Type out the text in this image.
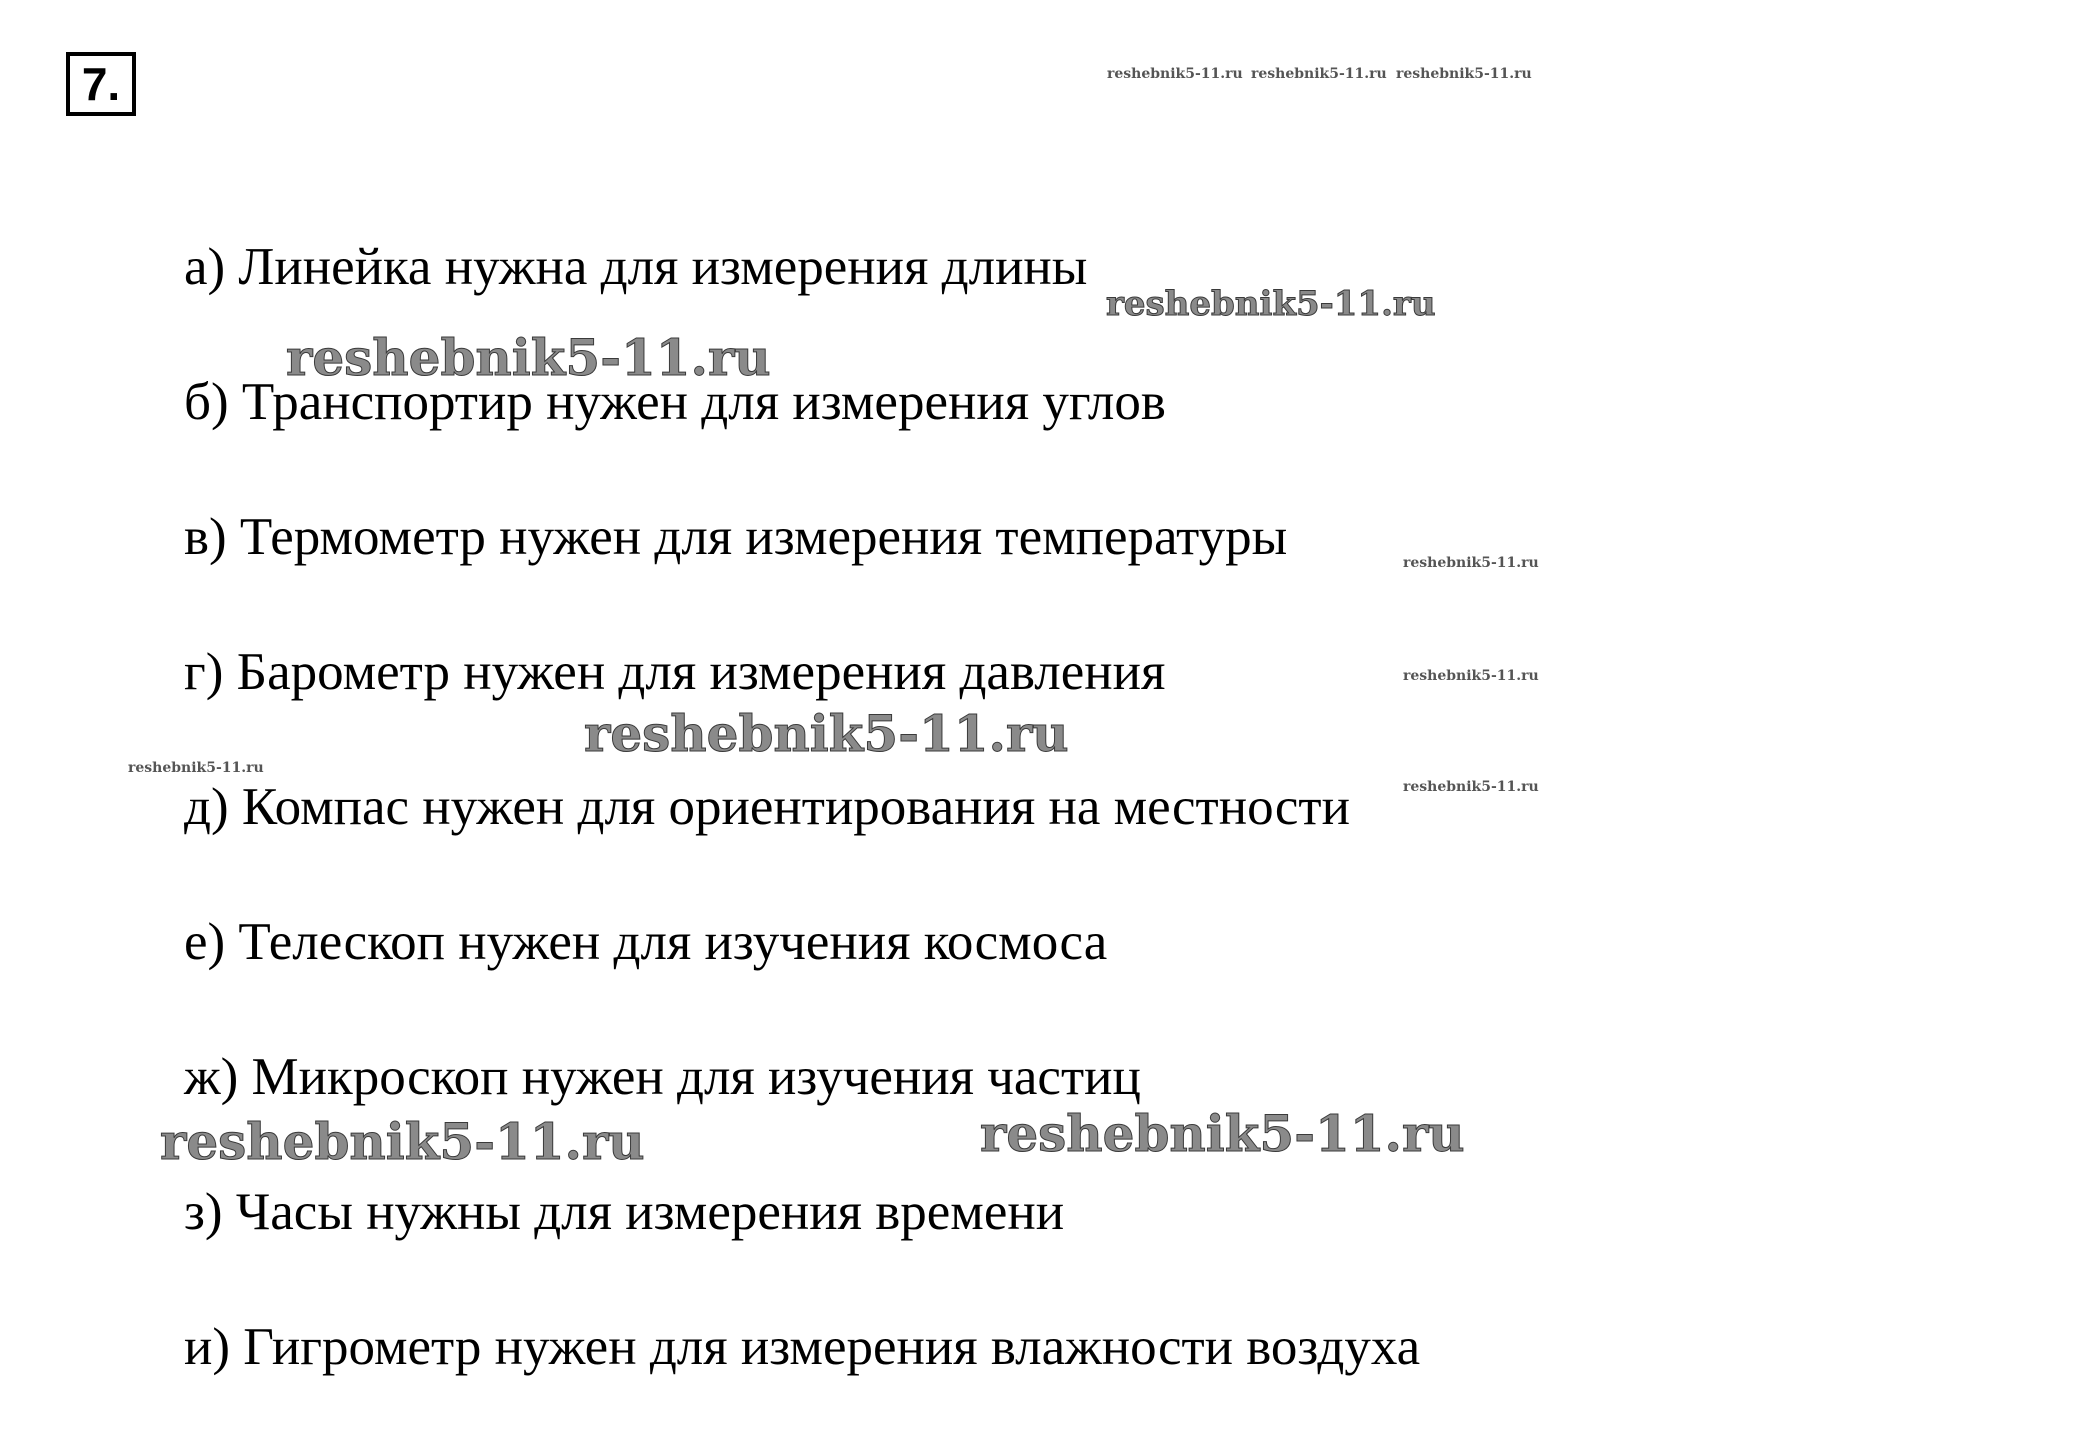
7.
а) Линейка нужна для измерения длины
б) Транспортир нужен для измерения углов
в) Термометр нужен для измерения температуры
г) Барометр нужен для измерения давления
д) Компас нужен для ориентирования на местности
е) Телескоп нужен для изучения космоса
ж) Микроскоп нужен для изучения частиц
з) Часы нужны для измерения времени
и) Гигрометр нужен для измерения влажности воздуха
reshebnik5-11.ru reshebnik5-11.ru reshebnik5-11.ru
reshebnik5-11.ru
reshebnik5-11.ru
reshebnik5-11.ru
reshebnik5-11.ru
reshebnik5-11.ru
reshebnik5-11.ru
reshebnik5-11.ru
reshebnik5-11.ru	reshebnik5-11.ru
